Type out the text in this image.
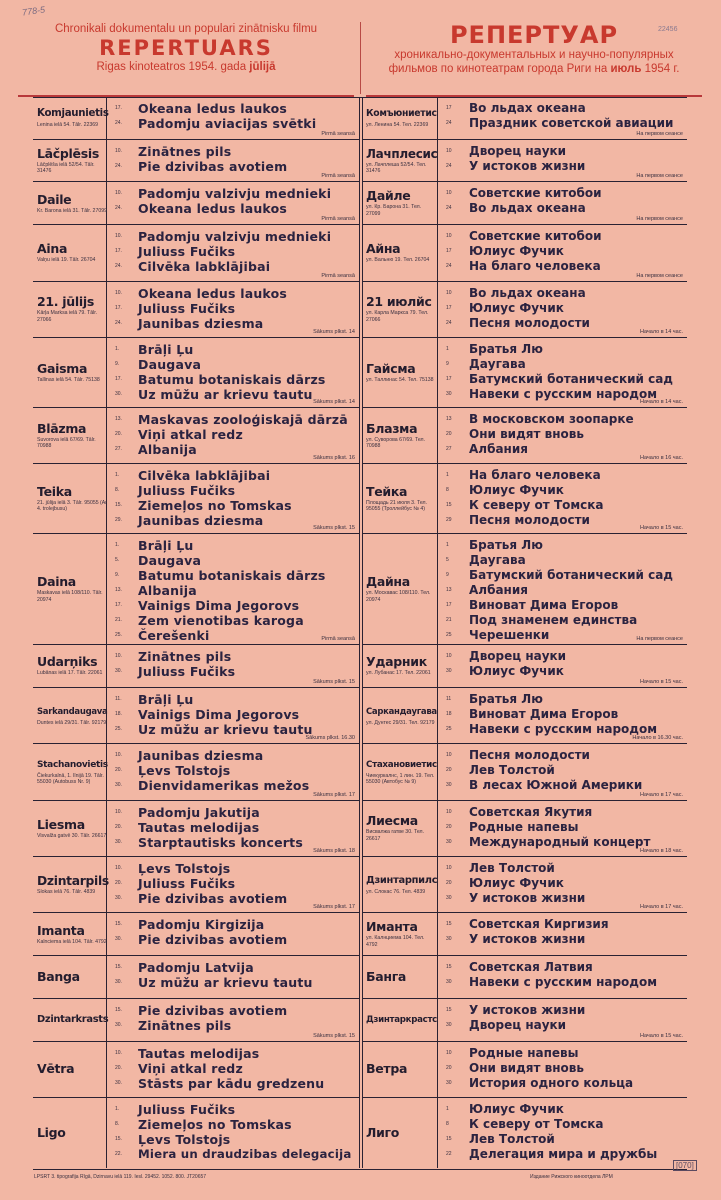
778-5
22456
Chronikali dokumentalu un populari zinātnisku filmu
REPERTUARS
Rigas kinoteatros 1954. gada jūlijā
РЕПЕРТУАР
хроникально-документальных и научно-популярных
фильмов по кинотеатрам города Риги на июль 1954 г.
Komjaunietis
Lenina ielā 54. Tālr. 22369
17.	Okeana ledus laukos
24.	Padomju aviacijas svētki
Pirmā seansā
Lāčplēsis
Lāčplēša ielā 52/54. Tālr. 31476
10.	Zinātnes pils
24.	Pie dzivibas avotiem
Pirmā seansā
Daile
Kr. Barona ielā 31. Tālr. 27099
10.	Padomju valzivju mednieki
24.	Okeana ledus laukos
Pirmā seansā
Aina
Valņu ielā 19. Tālr. 26704
10.	Padomju valzivju mednieki
17.	Juliuss Fučiks
24.	Cilvēka labklājibai
Pirmā seansā
21. jūlijs
Kārļa Marksa ielā 79. Tālr. 27066
10.	Okeana ledus laukos
17.	Juliuss Fučiks
24.	Jaunibas dziesma
Sākums plkst. 14
Gaisma
Tallinas ielā 54. Tālr. 75138
1.	Brāļi Ļu
9.	Daugava
17.	Batumu botaniskais dārzs
30.	Uz mūžu ar krievu tautu Sākums plkst. 14
Blāzma
Suvorova ielā 67/69. Tālr. 70988
13.	Maskavas zooloģiskajā dārzā
20.	Viņi atkal redz
27.	Albanija
Sākums plkst. 16
Teika
21. jūlija ielā 3. Tālr. 95055 (Ar 4. trolejbusu)
1.	Cilvēka labklājibai
8.	Juliuss Fučiks
15.	Ziemeļos no Tomskas
29.	Jaunibas dziesma	Sākums plkst. 15
Daina
Maskavas ielā 108/110. Tālr. 20974
1.	Brāļi Ļu
5.	Daugava
9.	Batumu botaniskais dārzs
13.	Albanija
17.	Vainigs Dima Jegorovs
21.	Zem vienotibas karoga
25.	Čerešenki	Pirmā seansā
Udarņiks
Lubānas ielā 17. Tālr. 22061
10.	Zinātnes pils
30.	Juliuss Fučiks
Sākums plkst. 15
Sarkandaugava
Duntes ielā 29/31. Tālr. 92179
11.	Brāļi Ļu
18.	Vainigs Dima Jegorovs
25.	Uz mūžu ar krievu tautu
Sākums plkst. 16.30
Stachanovietis
Čiekurkalnā, 1. līnijā 19. Tālr. 55030 (Autobuss Nr. 9)
10.	Jaunibas dziesma
20.	Ļevs Tolstojs
30.	Dienvidamerikas mežos
Sākums plkst. 17
Liesma
Visvalža gatvē 30. Tālr. 26617
10.	Padomju Jakutija
20.	Tautas melodijas
30.	Starptautisks koncerts
Sākums plkst. 18
Dzintarpils
Slokas ielā 76. Tālr. 4839
10.	Ļevs Tolstojs
20.	Juliuss Fučiks
30.	Pie dzivibas avotiem
Sākums plkst. 17
Imanta
Kalnciema ielā 104. Tālr. 4792
15.	Padomju Kirgizija
30.	Pie dzivibas avotiem
Banga
15.	Padomju Latvija
30.	Uz mūžu ar krievu tautu
Dzintarkrasts
15.	Pie dzivibas avotiem
30.	Zinātnes pils
Sākums plkst. 15
Vētra
10.	Tautas melodijas
20.	Viņi atkal redz
30.	Stāsts par kādu gredzenu
Ligo
1.	Juliuss Fučiks
8.	Ziemeļos no Tomskas
15.	Ļevs Tolstojs
22.	Miera un draudzibas delegacija
Комъюниетис
ул. Ленина 54. Тел. 22369
17	Во льдах океана
24	Праздник советской авиации
На первом сеансе
Лачплесис
ул. Лачплеша 52/54. Тел. 31476
10	Дворец науки
24	У истоков жизни
На первом сеансе
Дайле
ул. Кр. Барона 31. Тел. 27099
10	Советские китобои
24	Во льдах океана
На первом сеансе
Айна
ул. Вальню 19. Тел. 26704
10	Советские китобои
17	Юлиус Фучик
24	На благо человека
На первом сеансе
21 июлйс
ул. Карла Маркса 79. Тел. 27066
10	Во льдах океана
17	Юлиус Фучик
24	Песня молодости
Начало в 14 час.
Гайсма
ул. Таллинас 54. Тел. 75138
1	Братья Лю
9	Даугава
17	Батумский ботанический сад
30	Навеки с русским народом
Начало в 14 час.
Блазма
ул. Суворова 67/69. Тел. 70988
13	В московском зоопарке
20	Они видят вновь
27	Албания
Начало в 16 час.
Тейка
Площадь 21 июля 3. Тел. 95055 (Троллейбус № 4)
1	На благо человека
8	Юлиус Фучик
15	К северу от Томска
29	Песня молодости
Начало в 15 час.
Дайна
ул. Москавас 108/110. Тел. 20974
1	Братья Лю
5	Даугава
9	Батумский ботанический сад
13	Албания
17	Виноват Дима Егоров
21	Под знаменем единства
25	Черешенки	На первом сеансе
Ударник
ул. Лубанас 17. Тел. 22061
10	Дворец науки
30	Юлиус Фучик
Начало в 15 час.
Саркандаугава
ул. Дунтес 29/31. Тел. 92179
11	Братья Лю
18	Виноват Дима Егоров
25	Навеки с русским народом
Начало в 16.30 час.
Стахановиетис
Чиекуркалнс, 1 лин. 19. Тел. 55030 (Автобус № 9)
10	Песня молодости
20	Лев Толстой
30	В лесах Южной Америки
Начало в 17 час.
Лиесма
Висвалжа гатве 30. Тел. 26617
10	Советская Якутия
20	Родные напевы
30	Международный концерт
Начало в 18 час.
Дзинтарпилс
ул. Слокас 76. Тел. 4839
10	Лев Толстой
20	Юлиус Фучик
30	У истоков жизни
Начало в 17 час.
Иманта
ул. Калнциема 104. Тел. 4792
15	Советская Киргизия
30	У истоков жизни
Банга
15	Советская Латвия
30	Навеки с русским народом
Дзинтаркрастс
15	У истоков жизни
30	Дворец науки
Начало в 15 час.
Ветра
10	Родные напевы
20	Они видят вновь
30	История одного кольца
Лиго
1	Юлиус Фучик
8	К северу от Томска
15	Лев Толстой
22	Делегация мира и дружбы
LPSRT 3. tipografija Rīgā, Dzirnavu ielā 119. Iesl. 29452. 1052. 800. JT20657	Издание Рижского киноотдела ЛРМ
[070]
